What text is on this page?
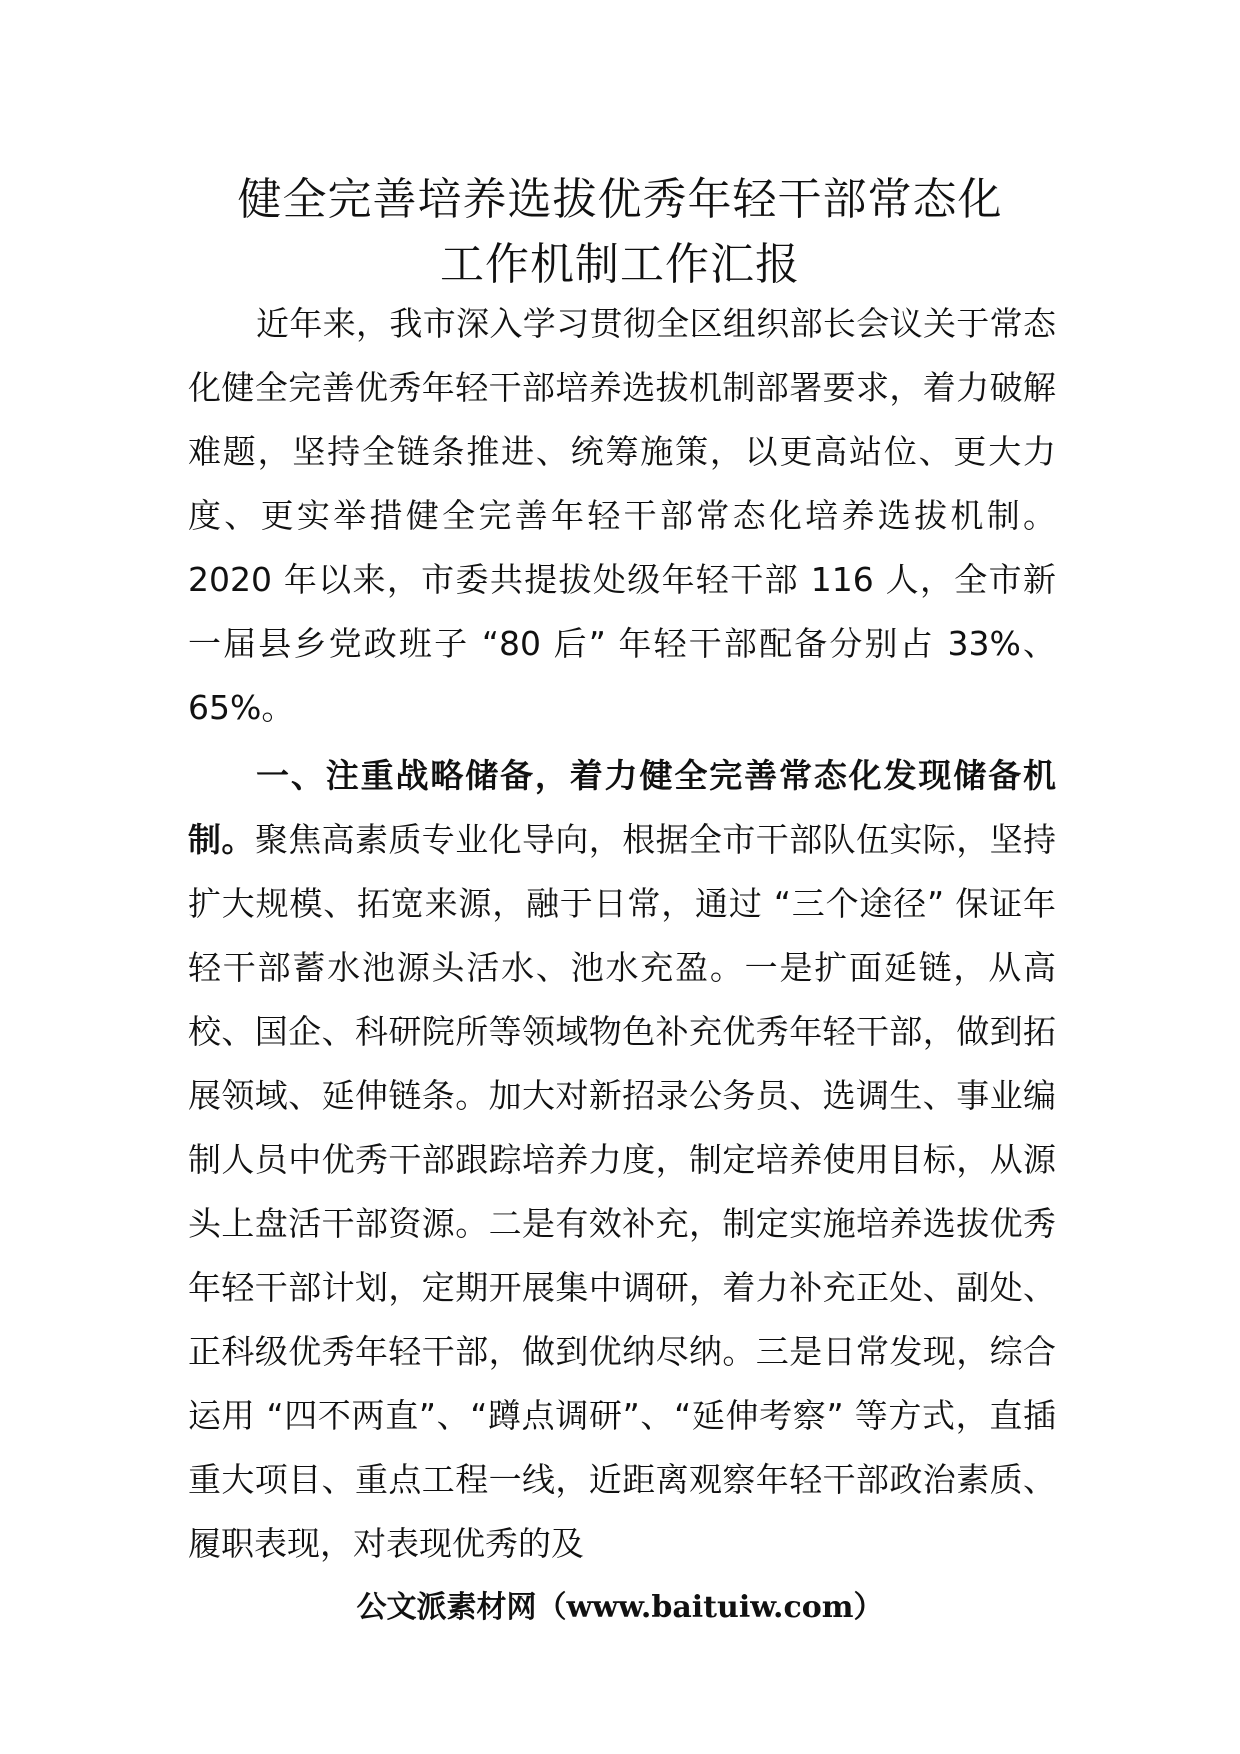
健全完善培养选拔优秀年轻干部常态化
工作机制工作汇报

近年来，我市深入学习贯彻全区组织部长会议关于常态化健全完善优秀年轻干部培养选拔机制部署要求，着力破解难题，坚持全链条推进、统筹施策，以更高站位、更大力度、更实举措健全完善年轻干部常态化培养选拔机制。2020 年以来，市委共提拔处级年轻干部 116 人，全市新一届县乡党政班子 “80 后” 年轻干部配备分别占 33%、65%。

一、注重战略储备，着力健全完善常态化发现储备机制。聚焦高素质专业化导向，根据全市干部队伍实际，坚持扩大规模、拓宽来源，融于日常，通过 “三个途径” 保证年轻干部蓄水池源头活水、池水充盈。一是扩面延链，从高校、国企、科研院所等领域物色补充优秀年轻干部，做到拓展领域、延伸链条。加大对新招录公务员、选调生、事业编制人员中优秀干部跟踪培养力度，制定培养使用目标，从源头上盘活干部资源。二是有效补充，制定实施培养选拔优秀年轻干部计划，定期开展集中调研，着力补充正处、副处、正科级优秀年轻干部，做到优纳尽纳。三是日常发现，综合运用 “四不两直”、“蹲点调研”、“延伸考察” 等方式，直插重大项目、重点工程一线，近距离观察年轻干部政治素质、履职表现，对表现优秀的及

公文派素材网（www.baituiw.com）
